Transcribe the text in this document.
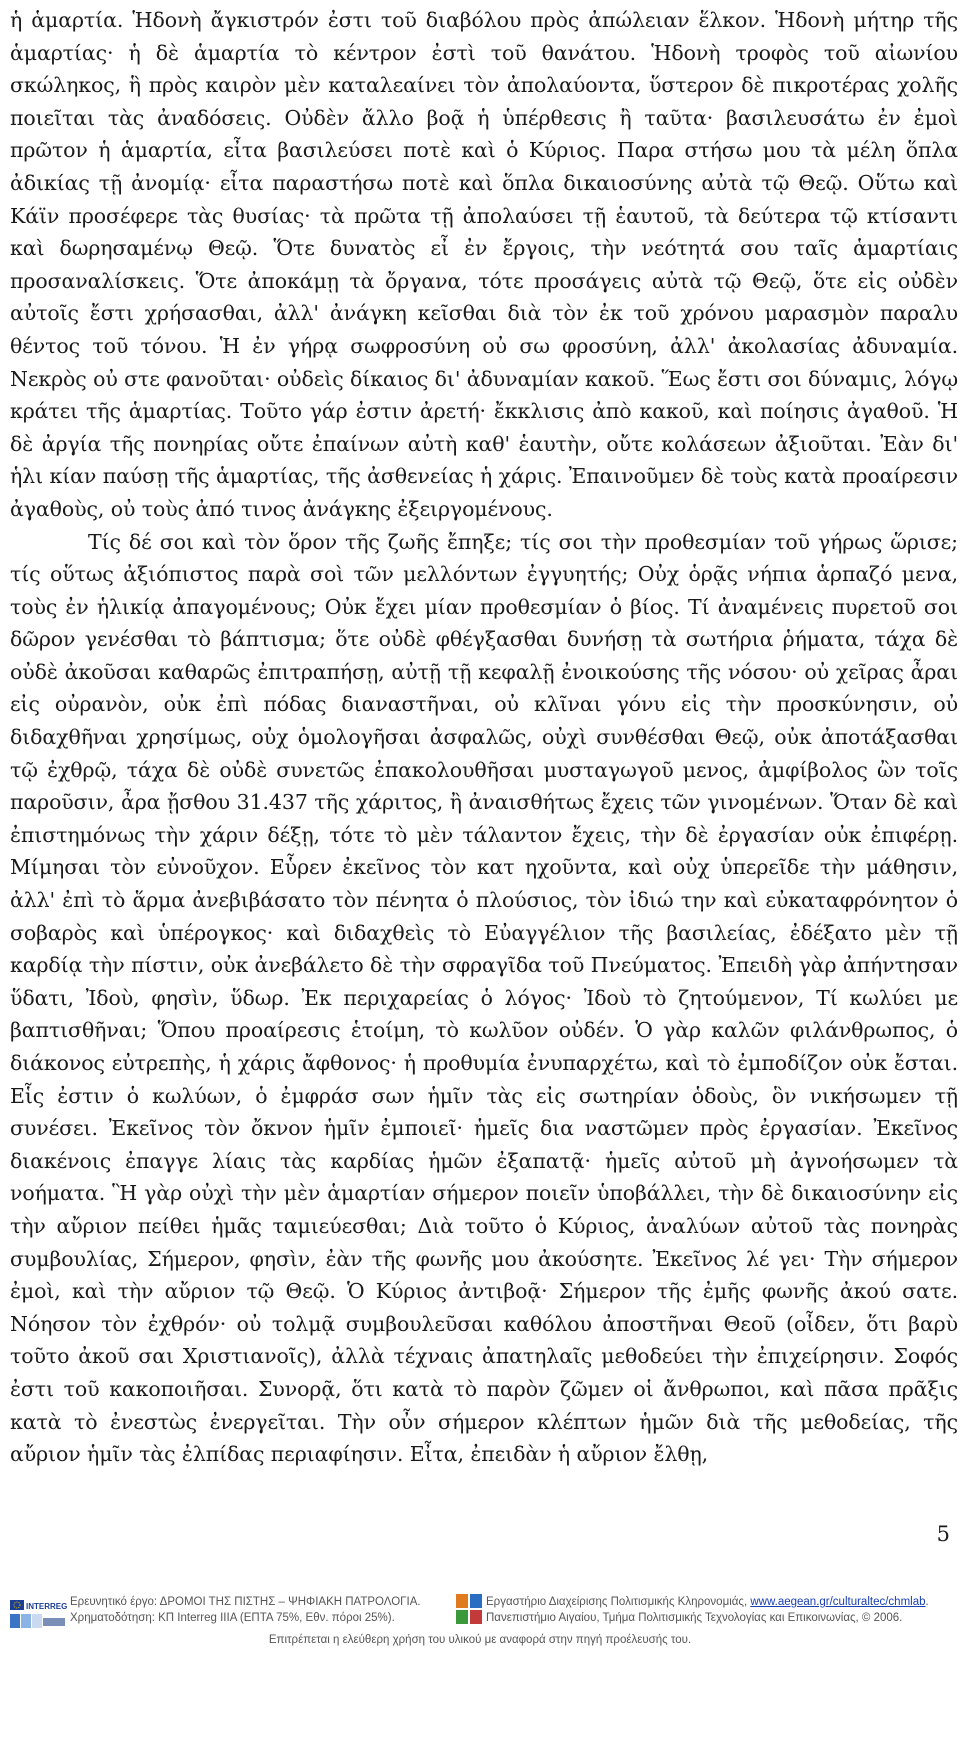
ἡ ἁμαρτία. Ἡδονὴ ἄγκιστρόν ἐστι τοῦ διαβόλου πρὸς ἀπώλειαν ἕλκον. Ἡδονὴ μήτηρ τῆς ἁμαρτίας· ἡ δὲ ἁμαρτία τὸ κέντρον ἐστὶ τοῦ θανάτου. Ἡδονὴ τροφὸς τοῦ αἰωνίου σκώληκος, ἣ πρὸς καιρὸν μὲν καταλεαίνει τὸν ἀπολαύοντα, ὕστερον δὲ πικροτέρας χολῆς ποιεῖται τὰς ἀναδόσεις. Οὐδὲν ἄλλο βοᾷ ἡ ὑπέρθεσις ἢ ταῦτα· βασιλευσάτω ἐν ἐμοὶ πρῶτον ἡ ἁμαρτία, εἶτα βασιλεύσει ποτὲ καὶ ὁ Κύριος. Παρα στήσω μου τὰ μέλη ὅπλα ἀδικίας τῇ ἀνομίᾳ· εἶτα παραστήσω ποτὲ καὶ ὅπλα δικαιοσύνης αὐτὰ τῷ Θεῷ. Οὕτω καὶ Κάϊν προσέφερε τὰς θυσίας· τὰ πρῶτα τῇ ἀπολαύσει τῇ ἑαυτοῦ, τὰ δεύτερα τῷ κτίσαντι καὶ δωρησαμένῳ Θεῷ. Ὅτε δυνατὸς εἶ ἐν ἔργοις, τὴν νεότητά σου ταῖς ἁμαρτίαις προσαναλίσκεις. Ὅτε ἀποκάμῃ τὰ ὄργανα, τότε προσάγεις αὐτὰ τῷ Θεῷ, ὅτε εἰς οὐδὲν αὐτοῖς ἔστι χρήσασθαι, ἀλλ' ἀνάγκη κεῖσθαι διὰ τὸν ἐκ τοῦ χρόνου μαρασμὸν παραλυ θέντος τοῦ τόνου. Ἡ ἐν γήρᾳ σωφροσύνη οὐ σω φροσύνη, ἀλλ' ἀκολασίας ἀδυναμία. Νεκρὸς οὐ στε φανοῦται· οὐδεὶς δίκαιος δι' ἀδυναμίαν κακοῦ. Ἕως ἔστι σοι δύναμις, λόγῳ κράτει τῆς ἁμαρτίας. Τοῦτο γάρ ἐστιν ἀρετή· ἔκκλισις ἀπὸ κακοῦ, καὶ ποίησις ἀγαθοῦ. Ἡ δὲ ἀργία τῆς πονηρίας οὔτε ἐπαίνων αὐτὴ καθ' ἑαυτὴν, οὔτε κολάσεων ἀξιοῦται. Ἐὰν δι' ἡλι κίαν παύσῃ τῆς ἁμαρτίας, τῆς ἀσθενείας ἡ χάρις. Ἐπαινοῦμεν δὲ τοὺς κατὰ προαίρεσιν ἀγαθοὺς, οὐ τοὺς ἀπό τινος ἀνάγκης ἐξειργομένους.

Τίς δέ σοι καὶ τὸν ὅρον τῆς ζωῆς ἔπηξε; τίς σοι τὴν προθεσμίαν τοῦ γήρως ὥρισε; τίς οὕτως ἀξιόπιστος παρὰ σοὶ τῶν μελλόντων ἐγγυητής; Οὐχ ὁρᾷς νήπια ἁρπαζό μενα, τοὺς ἐν ἡλικίᾳ ἀπαγομένους; Οὐκ ἔχει μίαν προθεσμίαν ὁ βίος. Τί ἀναμένεις πυρετοῦ σοι δῶρον γενέσθαι τὸ βάπτισμα; ὅτε οὐδὲ φθέγξασθαι δυνήσῃ τὰ σωτήρια ῥήματα, τάχα δὲ οὐδὲ ἀκοῦσαι καθαρῶς ἐπιτραπήσῃ, αὐτῇ τῇ κεφαλῇ ἐνοικούσης τῆς νόσου· οὐ χεῖρας ἆραι εἰς οὐρανὸν, οὐκ ἐπὶ πόδας διαναστῆναι, οὐ κλῖναι γόνυ εἰς τὴν προσκύνησιν, οὐ διδαχθῆναι χρησίμως, οὐχ ὁμολογῆσαι ἀσφαλῶς, οὐχὶ συνθέσθαι Θεῷ, οὐκ ἀποτάξασθαι τῷ ἐχθρῷ, τάχα δὲ οὐδὲ συνετῶς ἐπακολουθῆσαι μυσταγωγοῦ μενος, ἀμφίβολος ὢν τοῖς παροῦσιν, ἆρα ᾔσθου 31.437 τῆς χάριτος, ἢ ἀναισθήτως ἔχεις τῶν γινομένων. Ὅταν δὲ καὶ ἐπιστημόνως τὴν χάριν δέξῃ, τότε τὸ μὲν τάλαντον ἔχεις, τὴν δὲ ἐργασίαν οὐκ ἐπιφέρῃ. Μίμησαι τὸν εὐνοῦχον. Εὗρεν ἐκεῖνος τὸν κατ ηχοῦντα, καὶ οὐχ ὑπερεῖδε τὴν μάθησιν, ἀλλ' ἐπὶ τὸ ἅρμα ἀνεβιβάσατο τὸν πένητα ὁ πλούσιος, τὸν ἰδιώ την καὶ εὐκαταφρόνητον ὁ σοβαρὸς καὶ ὑπέρογκος· καὶ διδαχθεὶς τὸ Εὐαγγέλιον τῆς βασιλείας, ἐδέξατο μὲν τῇ καρδίᾳ τὴν πίστιν, οὐκ ἀνεβάλετο δὲ τὴν σφραγῖδα τοῦ Πνεύματος. Ἐπειδὴ γὰρ ἀπήντησαν ὕδατι, Ἰδοὺ, φησὶν, ὕδωρ. Ἐκ περιχαρείας ὁ λόγος· Ἰδοὺ τὸ ζητούμενον, Τί κωλύει με βαπτισθῆναι; Ὅπου προαίρεσις ἑτοίμη, τὸ κωλῦον οὐδέν. Ὁ γὰρ καλῶν φιλάνθρωπος, ὁ διάκονος εὐτρεπὴς, ἡ χάρις ἄφθονος· ἡ προθυμία ἐνυπαρχέτω, καὶ τὸ ἐμποδίζον οὐκ ἔσται. Εἷς ἐστιν ὁ κωλύων, ὁ ἐμφράσ σων ἡμῖν τὰς εἰς σωτηρίαν ὁδοὺς, ὃν νικήσωμεν τῇ συνέσει. Ἐκεῖνος τὸν ὄκνον ἡμῖν ἐμποιεῖ· ἡμεῖς δια ναστῶμεν πρὸς ἐργασίαν. Ἐκεῖνος διακένοις ἐπαγγε λίαις τὰς καρδίας ἡμῶν ἐξαπατᾷ· ἡμεῖς αὐτοῦ μὴ ἀγνοήσωμεν τὰ νοήματα. Ἣ γὰρ οὐχὶ τὴν μὲν ἁμαρτίαν σήμερον ποιεῖν ὑποβάλλει, τὴν δὲ δικαιοσύνην εἰς τὴν αὔριον πείθει ἡμᾶς ταμιεύεσθαι; Διὰ τοῦτο ὁ Κύριος, ἀναλύων αὐτοῦ τὰς πονηρὰς συμβουλίας, Σήμερον, φησὶν, ἐὰν τῆς φωνῆς μου ἀκούσητε. Ἐκεῖνος λέ γει· Τὴν σήμερον ἐμοὶ, καὶ τὴν αὔριον τῷ Θεῷ. Ὁ Κύριος ἀντιβοᾷ· Σήμερον τῆς ἐμῆς φωνῆς ἀκού σατε. Νόησον τὸν ἐχθρόν· οὐ τολμᾷ συμβουλεῦσαι καθόλου ἀποστῆναι Θεοῦ (οἶδεν, ὅτι βαρὺ τοῦτο ἀκοῦ σαι Χριστιανοῖς), ἀλλὰ τέχναις ἀπατηλαῖς μεθοδεύει τὴν ἐπιχείρησιν. Σοφός ἐστι τοῦ κακοποιῆσαι. Συνορᾷ, ὅτι κατὰ τὸ παρὸν ζῶμεν οἱ ἄνθρωποι, καὶ πᾶσα πρᾶξις κατὰ τὸ ἐνεστὼς ἐνεργεῖται. Τὴν οὖν σήμερον κλέπτων ἡμῶν διὰ τῆς μεθοδείας, τῆς αὔριον ἡμῖν τὰς ἐλπίδας περιαφίησιν. Εἶτα, ἐπειδὰν ἡ αὔριον ἔλθῃ,

5
INTERREG Ερευνητικό έργο: ΔΡΟΜΟΙ ΤΗΣ ΠΙΣΤΗΣ – ΨΗΦΙΑΚΗ ΠΑΤΡΟΛΟΓΙΑ.
Χρηματοδότηση: ΚΠ Interreg IIIA (ΕΠΤΑ 75%, Εθν. πόροι 25%).
Εργαστήριο Διαχείρισης Πολιτισμικής Κληρονομιάς, www.aegean.gr/culturaltec/chmlab.
Πανεπιστήμιο Αιγαίου, Τμήμα Πολιτισμικής Τεχνολογίας και Επικοινωνίας, © 2006.
Επιτρέπεται η ελεύθερη χρήση του υλικού με αναφορά στην πηγή προέλευσής του.
